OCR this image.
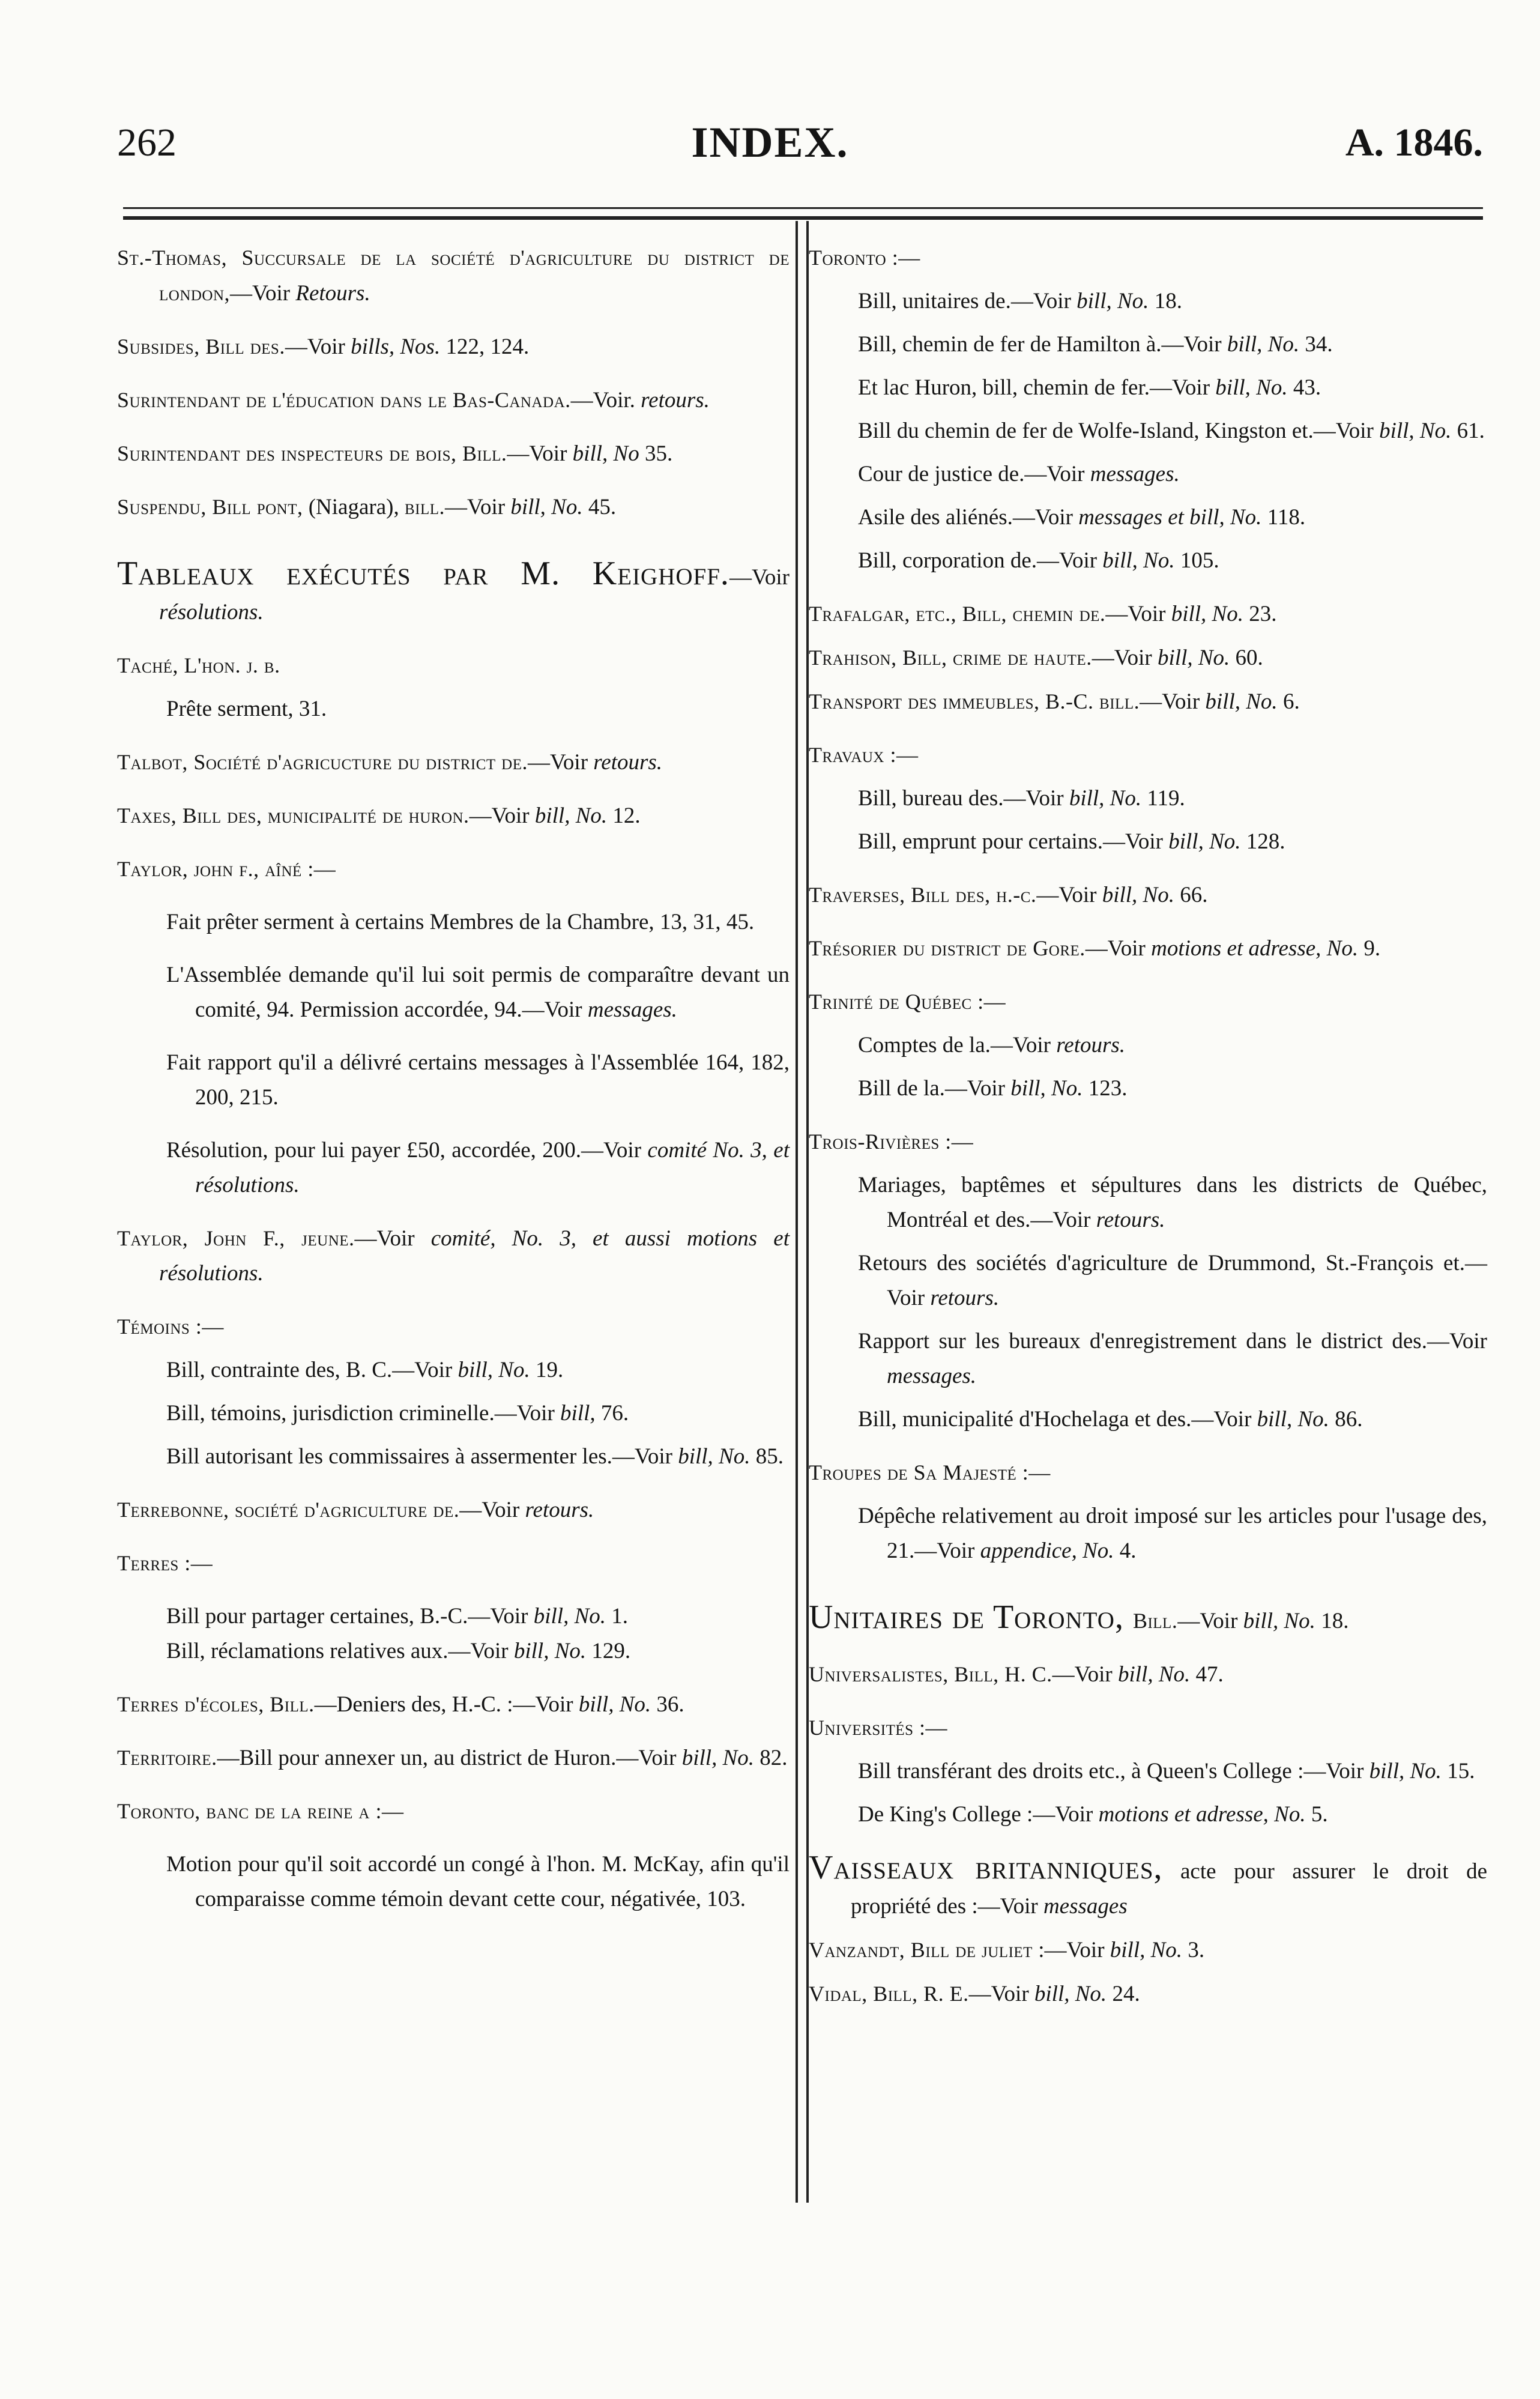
262	INDEX.	A. 1846.
St.-Thomas, Succursale de la société d'agriculture du district de london,—Voir Retours.
Subsides, Bill des.—Voir bills, Nos. 122, 124.
Surintendant de l'éducation dans le Bas-Canada.—Voir. retours.
Surintendant des inspecteurs de bois, Bill.—Voir bill, No 35.
Suspendu, Bill pont, (Niagara), bill.—Voir bill, No. 45.
Tableaux exécutés par M. Keighoff.—Voir résolutions.
Taché, L'hon. j. b.
Prête serment, 31.
Talbot, Société d'agricucture du district de.—Voir retours.
Taxes, Bill des, municipalité de huron.—Voir bill, No. 12.
Taylor, john f., aîné :—
Fait prêter serment à certains Membres de la Chambre, 13, 31, 45.
L'Assemblée demande qu'il lui soit permis de comparaître devant un comité, 94. Permission accordée, 94.—Voir messages.
Fait rapport qu'il a délivré certains messages à l'Assemblée 164, 182, 200, 215.
Résolution, pour lui payer £50, accordée, 200.—Voir comité No. 3, et résolutions.
Taylor, John F., jeune.—Voir comité, No. 3, et aussi motions et résolutions.
Témoins :—
Bill, contrainte des, B. C.—Voir bill, No. 19.
Bill, témoins, jurisdiction criminelle.—Voir bill, 76.
Bill autorisant les commissaires à assermenter les.—Voir bill, No. 85.
Terrebonne, société d'agriculture de.—Voir retours.
Terres :—
Bill pour partager certaines, B.-C.—Voir bill, No. 1.
Bill, réclamations relatives aux.—Voir bill, No. 129.
Terres d'écoles, Bill.—Deniers des, H.-C. :—Voir bill, No. 36.
Territoire.—Bill pour annexer un, au district de Huron.—Voir bill, No. 82.
Toronto, banc de la reine a :—
Motion pour qu'il soit accordé un congé à l'hon. M. McKay, afin qu'il comparaisse comme témoin devant cette cour, négativée, 103.
Toronto :—
Bill, unitaires de.—Voir bill, No. 18.
Bill, chemin de fer de Hamilton à.—Voir bill, No. 34.
Et lac Huron, bill, chemin de fer.—Voir bill, No. 43.
Bill du chemin de fer de Wolfe-Island, Kingston et.—Voir bill, No. 61.
Cour de justice de.—Voir messages.
Asile des aliénés.—Voir messages et bill, No. 118.
Bill, corporation de.—Voir bill, No. 105.
Trafalgar, etc., Bill, chemin de.—Voir bill, No. 23.
Trahison, Bill, crime de haute.—Voir bill, No. 60.
Transport des immeubles, B.-C. bill.—Voir bill, No. 6.
Travaux :—
Bill, bureau des.—Voir bill, No. 119.
Bill, emprunt pour certains.—Voir bill, No. 128.
Traverses, Bill des, h.-c.—Voir bill, No. 66.
Trésorier du district de Gore.—Voir motions et adresse, No. 9.
Trinité de Québec :—
Comptes de la.—Voir retours.
Bill de la.—Voir bill, No. 123.
Trois-Rivières :—
Mariages, baptêmes et sépultures dans les districts de Québec, Montréal et des.—Voir retours.
Retours des sociétés d'agriculture de Drummond, St.-François et.—Voir retours.
Rapport sur les bureaux d'enregistrement dans le district des.—Voir messages.
Bill, municipalité d'Hochelaga et des.—Voir bill, No. 86.
Troupes de Sa Majesté :—
Dépêche relativement au droit imposé sur les articles pour l'usage des, 21.—Voir appendice, No. 4.
Unitaires de Toronto, Bill.—Voir bill, No. 18.
Universalistes, Bill, H. C.—Voir bill, No. 47.
Universités :—
Bill transférant des droits etc., à Queen's College :—Voir bill, No. 15.
De King's College :—Voir motions et adresse, No. 5.
Vaisseaux britanniques, acte pour assurer le droit de propriété des :—Voir messages
Vanzandt, Bill de juliet :—Voir bill, No. 3.
Vidal, Bill, R. E.—Voir bill, No. 24.
